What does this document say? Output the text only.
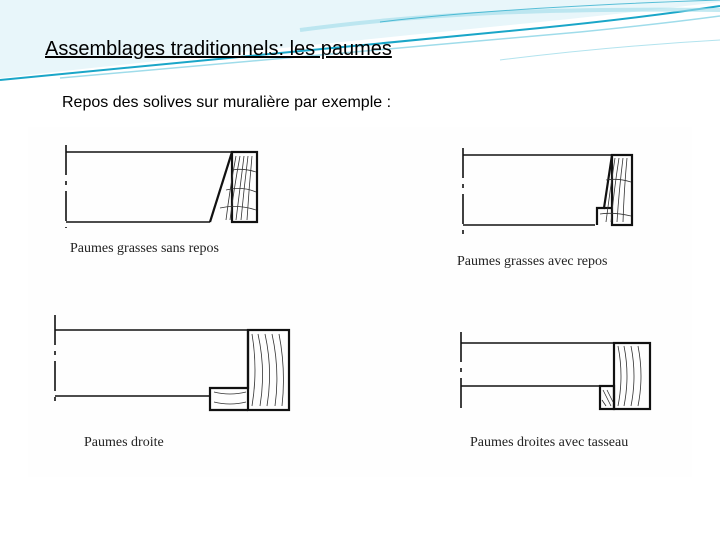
Assemblages traditionnels: les paumes
Repos des solives sur muralière par exemple :
Paumes grasses sans repos
Paumes grasses avec repos
Paumes droite	Paumes droites avec tasseau
